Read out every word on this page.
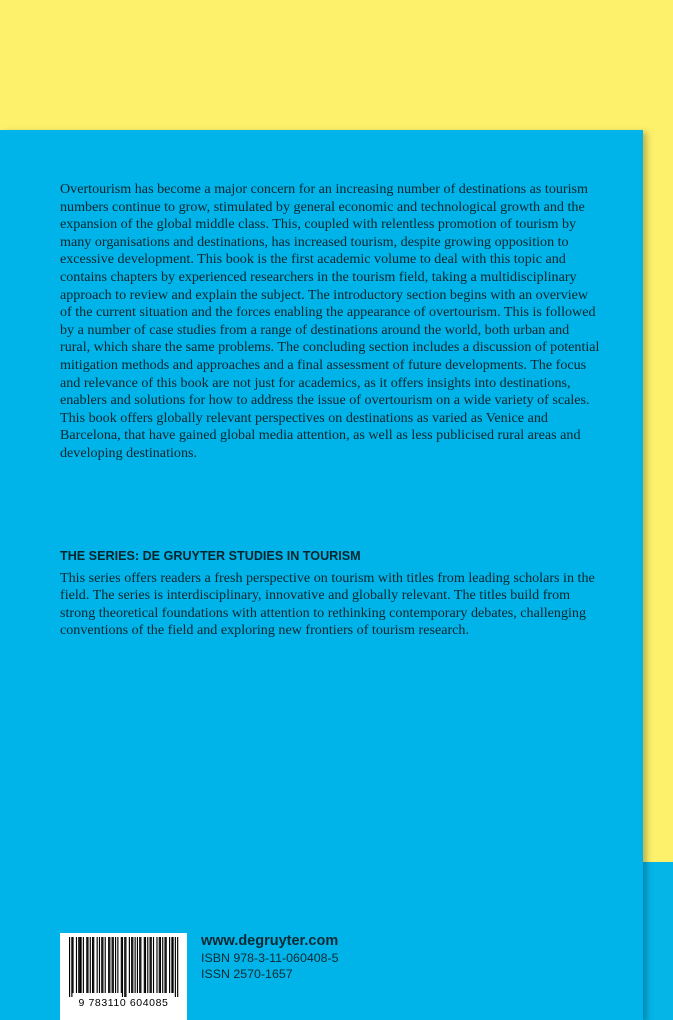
Overtourism has become a major concern for an increasing number of destinations as tourism numbers continue to grow, stimulated by general economic and technological growth and the expansion of the global middle class. This, coupled with relentless promotion of tourism by many organisations and destinations, has increased tourism, despite growing opposition to excessive development. This book is the first academic volume to deal with this topic and contains chapters by experienced researchers in the tourism field, taking a multidisciplinary approach to review and explain the subject. The introductory section begins with an overview of the current situation and the forces enabling the appearance of overtourism. This is followed by a number of case studies from a range of destinations around the world, both urban and rural, which share the same problems. The concluding section includes a discussion of potential mitigation methods and approaches and a final assessment of future developments. The focus and relevance of this book are not just for academics, as it offers insights into destinations, enablers and solutions for how to address the issue of overtourism on a wide variety of scales. This book offers globally relevant perspectives on destinations as varied as Venice and Barcelona, that have gained global media attention, as well as less publicised rural areas and developing destinations.

THE SERIES: DE GRUYTER STUDIES IN TOURISM

This series offers readers a fresh perspective on tourism with titles from leading scholars in the field. The series is interdisciplinary, innovative and globally relevant. The titles build from strong theoretical foundations with attention to rethinking contemporary debates, challenging conventions of the field and exploring new frontiers of tourism research.

9 783110 604085
www.degruyter.com
ISBN 978-3-11-060408-5
ISSN 2570-1657
